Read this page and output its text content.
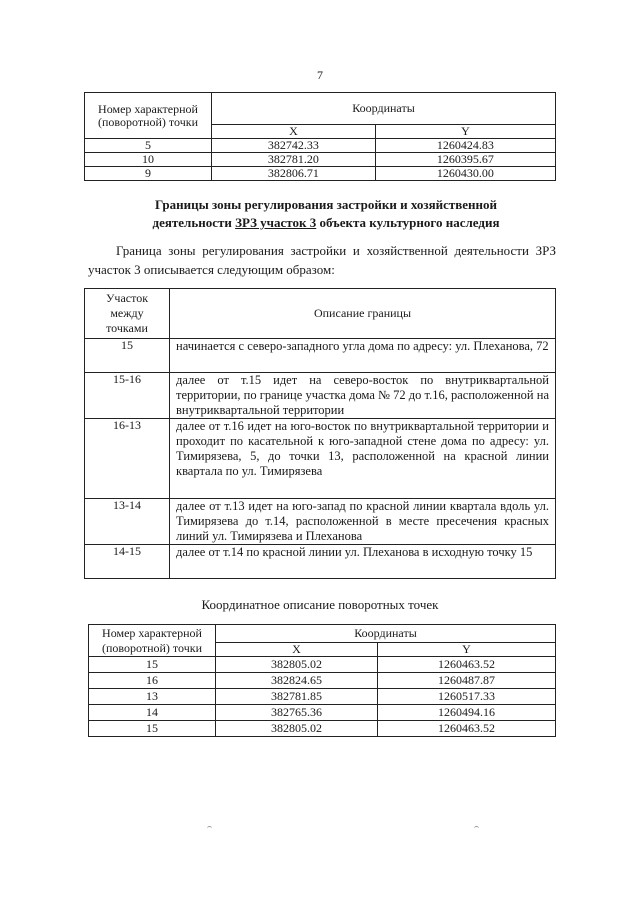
7
Номер характерной (поворотной) точки	Координаты	
	X	Y
5	382742.33	1260424.83
10	382781.20	1260395.67
9	382806.71	1260430.00
Границы зоны регулирования застройки и хозяйственной
деятельности ЗРЗ участок 3 объекта культурного наследия
Граница зоны регулирования застройки и хозяйственной деятельности ЗРЗ участок 3 описывается следующим образом:
Участок между точками	Описание границы
15	начинается с северо-западного угла дома по адресу: ул. Плеханова, 72
15-16	далее от т.15 идет на северо-восток по внутриквартальной территории, по границе участка дома № 72 до т.16, расположенной на внутриквартальной территории
16-13	далее от т.16 идет на юго-восток по внутриквартальной территории и проходит по касательной к юго-западной стене дома по адресу: ул. Тимирязева, 5, до точки 13, расположенной на красной линии квартала по ул. Тимирязева
13-14	далее от т.13 идет на юго-запад по красной линии квартала вдоль ул. Тимирязева до т.14, расположенной в месте пресечения красных линий ул. Тимирязева и Плеханова
14-15	далее от т.14 по красной линии ул. Плеханова в исходную точку 15
Координатное описание поворотных точек
Номер характерной (поворотной) точки	Координаты	
	X	Y
15	382805.02	1260463.52
16	382824.65	1260487.87
13	382781.85	1260517.33
14	382765.36	1260494.16
15	382805.02	1260463.52
